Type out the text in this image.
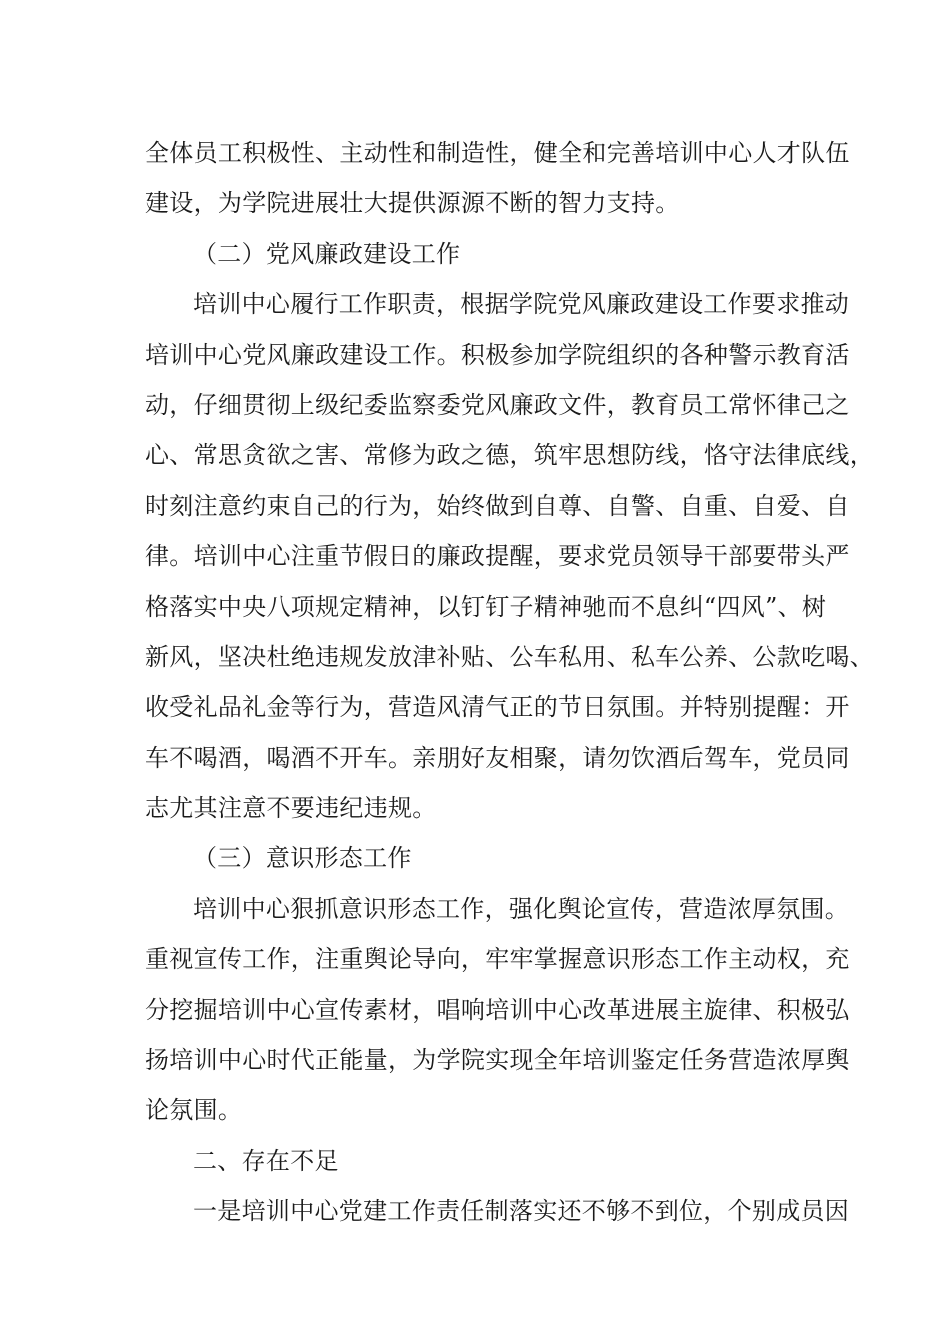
全体员工积极性、主动性和制造性，健全和完善培训中心人才队伍
建设，为学院进展壮大提供源源不断的智力支持。
（二）党风廉政建设工作
培训中心履行工作职责，根据学院党风廉政建设工作要求推动
培训中心党风廉政建设工作。积极参加学院组织的各种警示教育活
动，仔细贯彻上级纪委监察委党风廉政文件，教育员工常怀律己之
心、常思贪欲之害、常修为政之德，筑牢思想防线，恪守法律底线，
时刻注意约束自己的行为，始终做到自尊、自警、自重、自爱、自
律。培训中心注重节假日的廉政提醒，要求党员领导干部要带头严
格落实中央八项规定精神，以钉钉子精神驰而不息纠“四风”、树
新风，坚决杜绝违规发放津补贴、公车私用、私车公养、公款吃喝、
收受礼品礼金等行为，营造风清气正的节日氛围。并特别提醒：开
车不喝酒，喝酒不开车。亲朋好友相聚，请勿饮酒后驾车，党员同
志尤其注意不要违纪违规。
（三）意识形态工作
培训中心狠抓意识形态工作，强化舆论宣传，营造浓厚氛围。
重视宣传工作，注重舆论导向，牢牢掌握意识形态工作主动权，充
分挖掘培训中心宣传素材，唱响培训中心改革进展主旋律、积极弘
扬培训中心时代正能量，为学院实现全年培训鉴定任务营造浓厚舆
论氛围。
二、存在不足
一是培训中心党建工作责任制落实还不够不到位，个别成员因
